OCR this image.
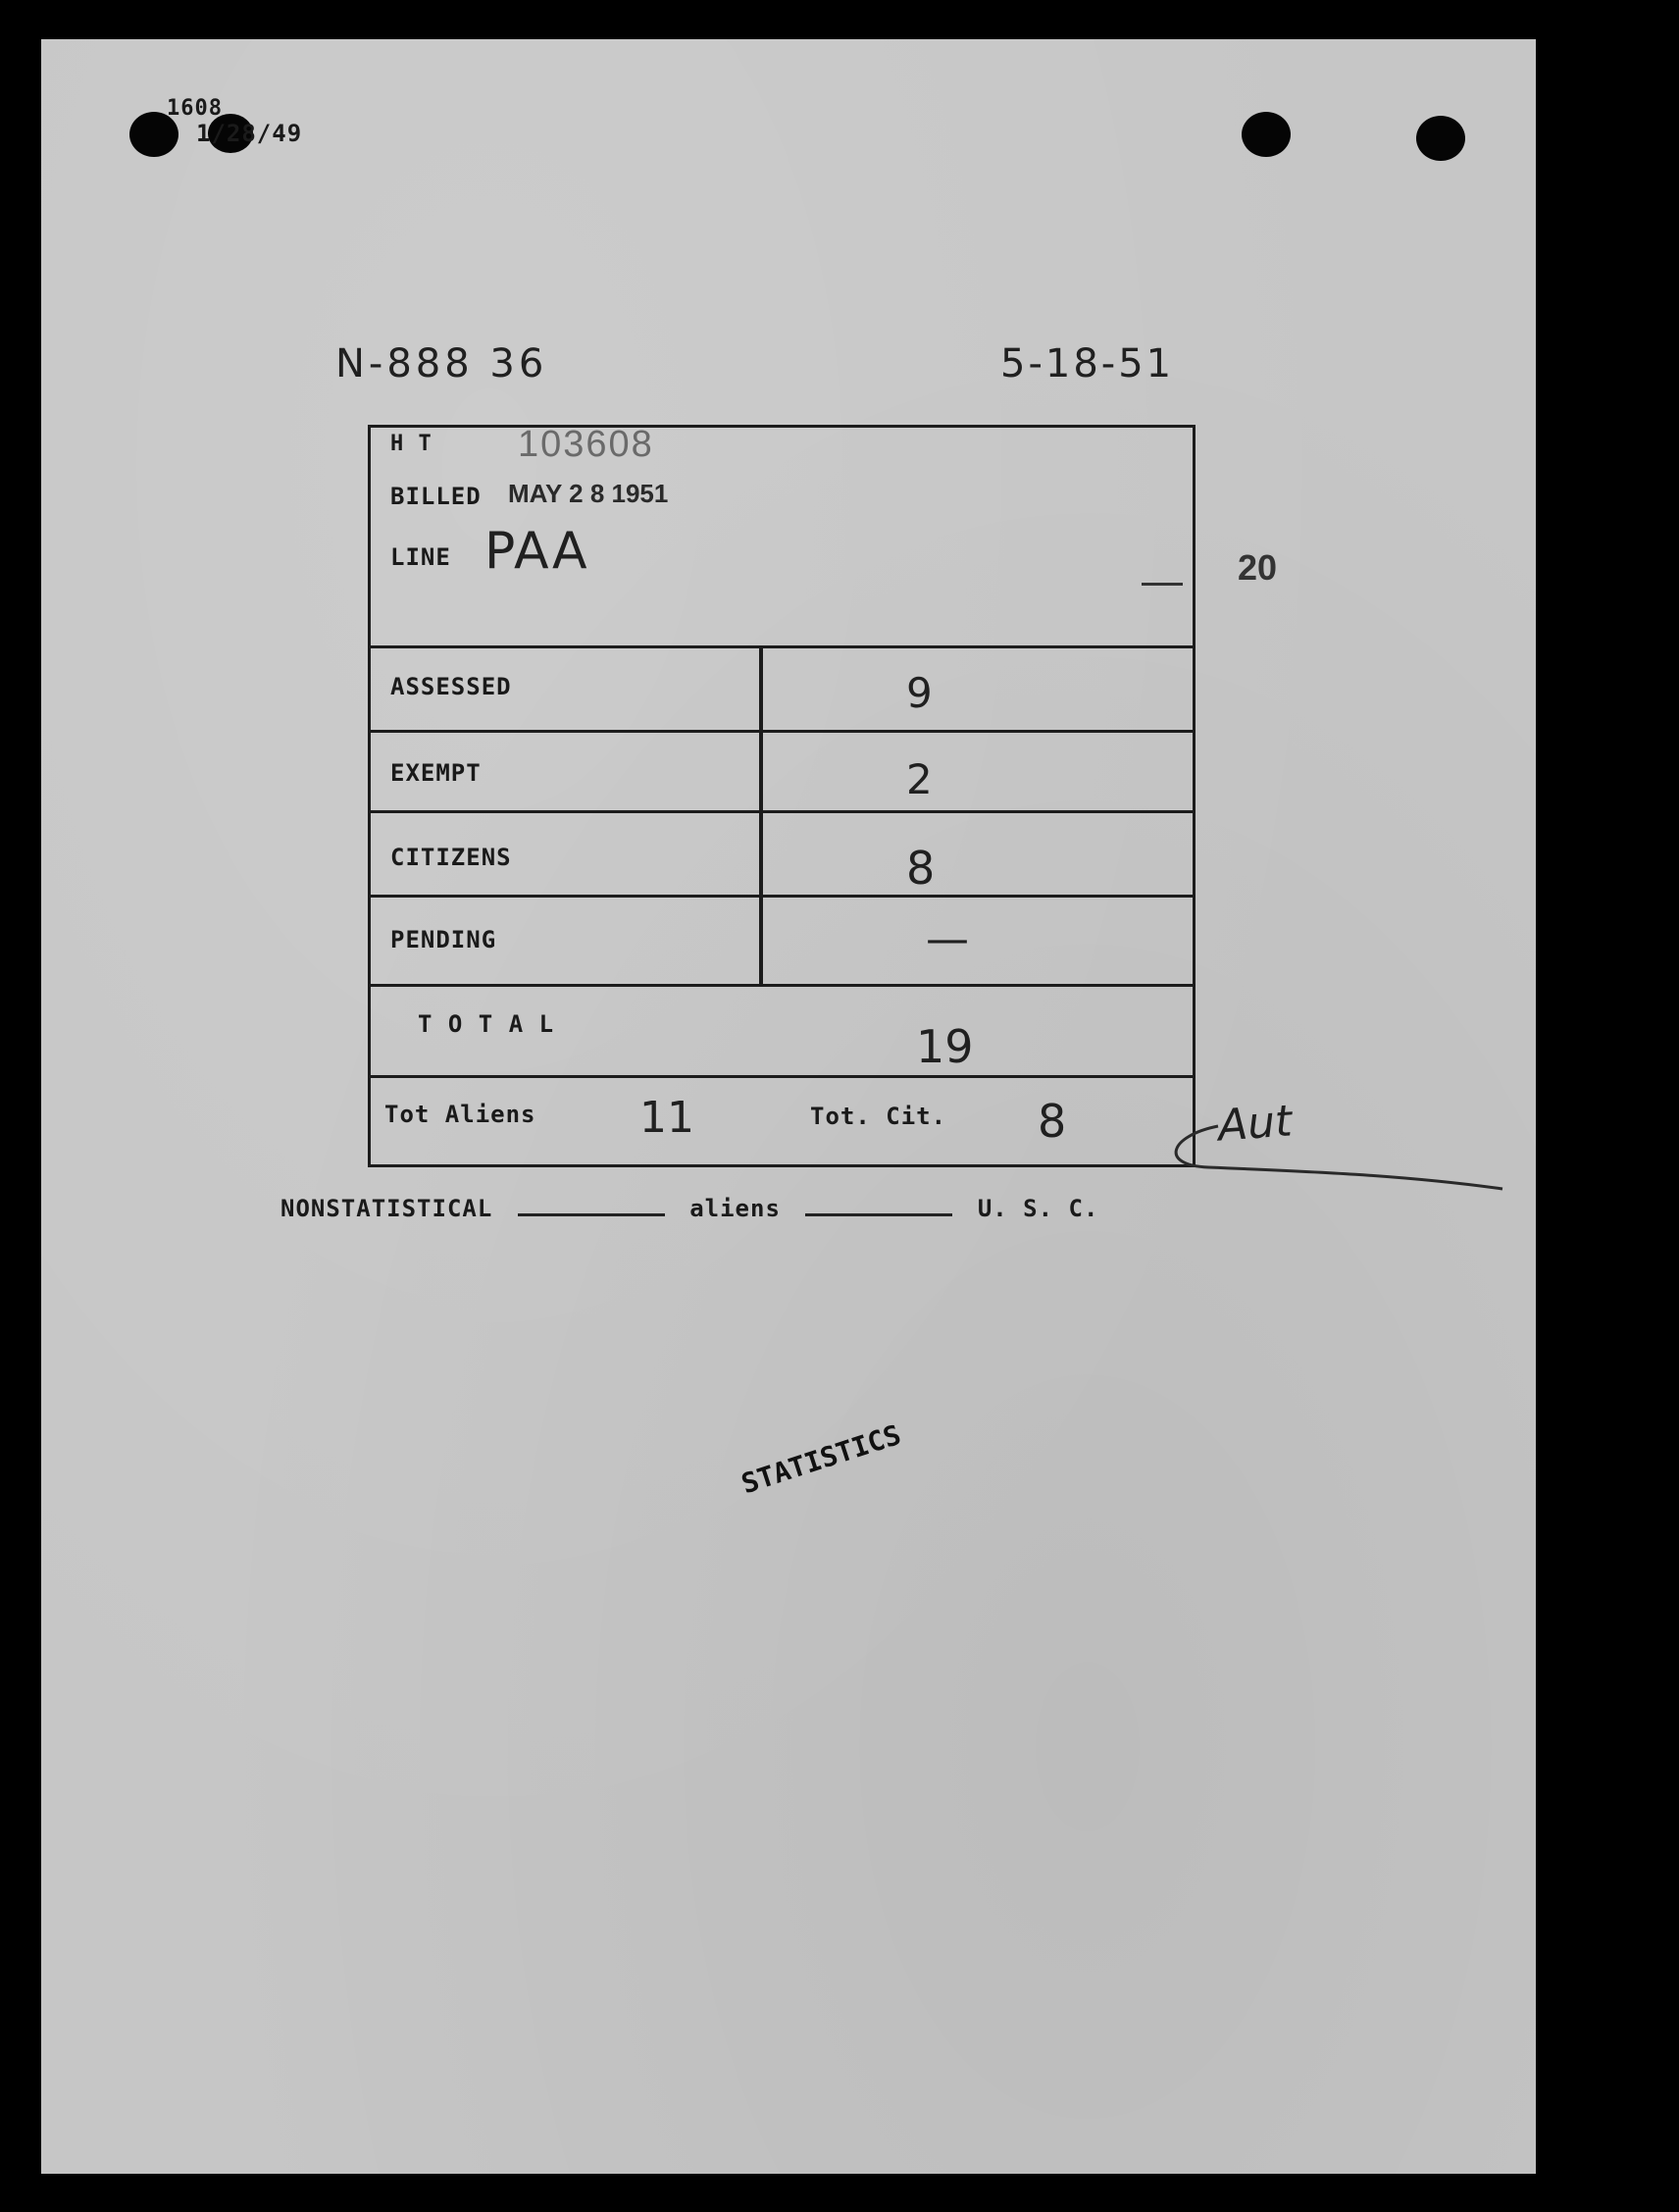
1608
1/28/49
N-888 36	5-18-51
20
H T 103608
BILLED MAY 2 8 1951
LINE PAA
ASSESSED	9
EXEMPT	2
CITIZENS	8
PENDING	—
T O T A L	19
Tot Aliens 11	Tot. Cit. 8	Aut
NONSTATISTICAL	aliens	U. S. C.
STATISTICS
